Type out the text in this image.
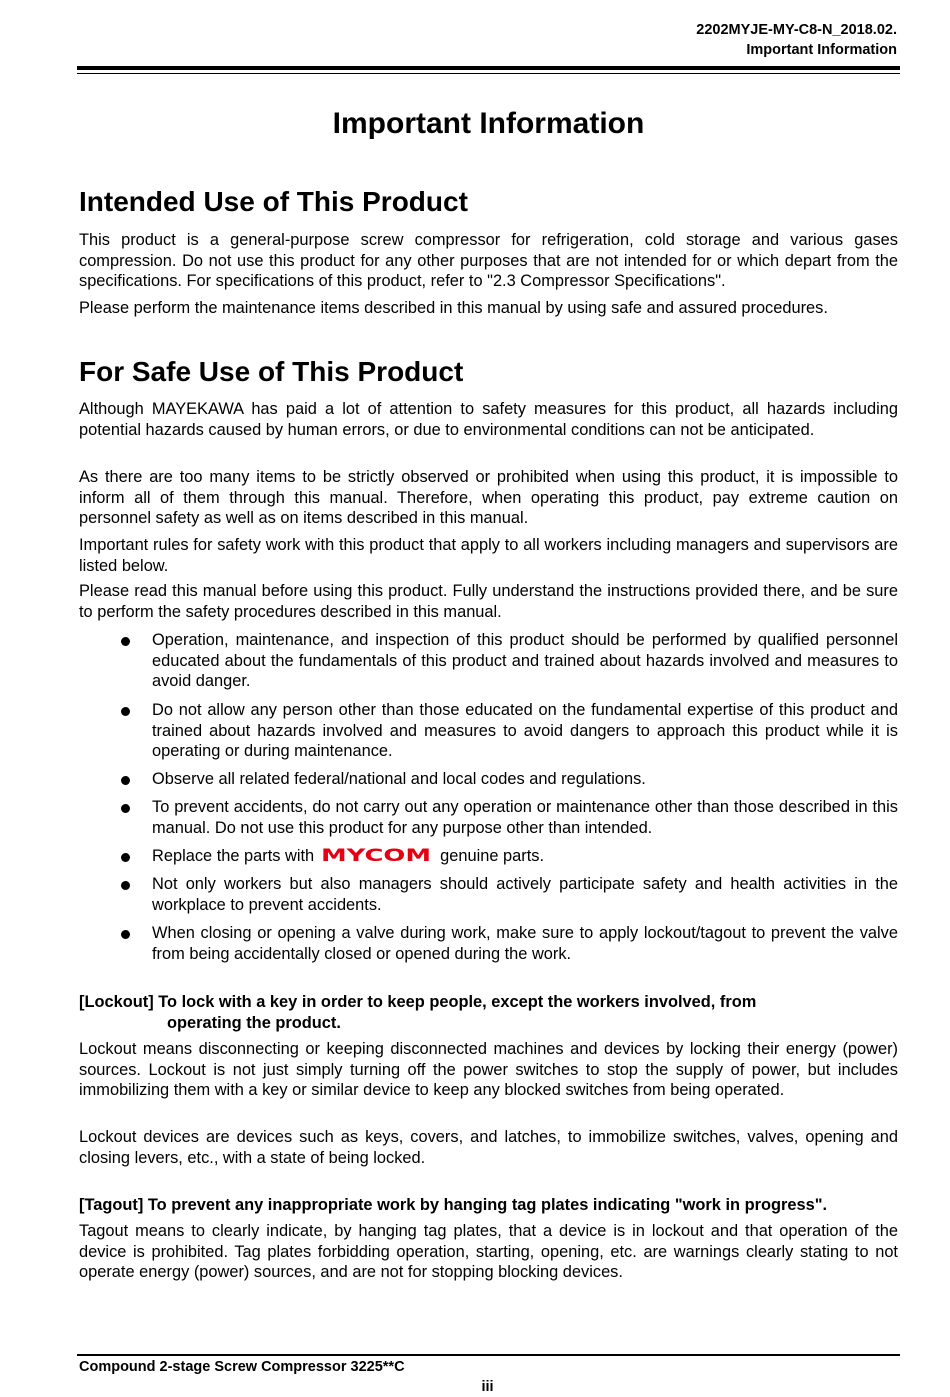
2202MYJE-MY-C8-N_2018.02.
Important Information
Important Information
Intended Use of This Product
This product is a general-purpose screw compressor for refrigeration, cold storage and various gases compression. Do not use this product for any other purposes that are not intended for or which depart from the specifications. For specifications of this product, refer to "2.3 Compressor Specifications".
Please perform the maintenance items described in this manual by using safe and assured procedures.
For Safe Use of This Product
Although MAYEKAWA has paid a lot of attention to safety measures for this product, all hazards including potential hazards caused by human errors, or due to environmental conditions can not be anticipated.
As there are too many items to be strictly observed or prohibited when using this product, it is impossible to inform all of them through this manual. Therefore, when operating this product, pay extreme caution on personnel safety as well as on items described in this manual.
Important rules for safety work with this product that apply to all workers including managers and supervisors are listed below.
Please read this manual before using this product. Fully understand the instructions provided there, and be sure to perform the safety procedures described in this manual.
Operation, maintenance, and inspection of this product should be performed by qualified personnel educated about the fundamentals of this product and trained about hazards involved and measures to avoid danger.
Do not allow any person other than those educated on the fundamental expertise of this product and trained about hazards involved and measures to avoid dangers to approach this product while it is operating or during maintenance.
Observe all related federal/national and local codes and regulations.
To prevent accidents, do not carry out any operation or maintenance other than those described in this manual. Do not use this product for any purpose other than intended.
Replace the parts with MYCOM genuine parts.
Not only workers but also managers should actively participate safety and health activities in the workplace to prevent accidents.
When closing or opening a valve during work, make sure to apply lockout/tagout to prevent the valve from being accidentally closed or opened during the work.
[Lockout] To lock with a key in order to keep people, except the workers involved, from
operating the product.
Lockout means disconnecting or keeping disconnected machines and devices by locking their energy (power) sources. Lockout is not just simply turning off the power switches to stop the supply of power, but includes immobilizing them with a key or similar device to keep any blocked switches from being operated.
Lockout devices are devices such as keys, covers, and latches, to immobilize switches, valves, opening and closing levers, etc., with a state of being locked.
[Tagout] To prevent any inappropriate work by hanging tag plates indicating "work in progress".
Tagout means to clearly indicate, by hanging tag plates, that a device is in lockout and that operation of the device is prohibited. Tag plates forbidding operation, starting, opening, etc. are warnings clearly stating to not operate energy (power) sources, and are not for stopping blocking devices.
Compound 2-stage Screw Compressor 3225**C
iii
